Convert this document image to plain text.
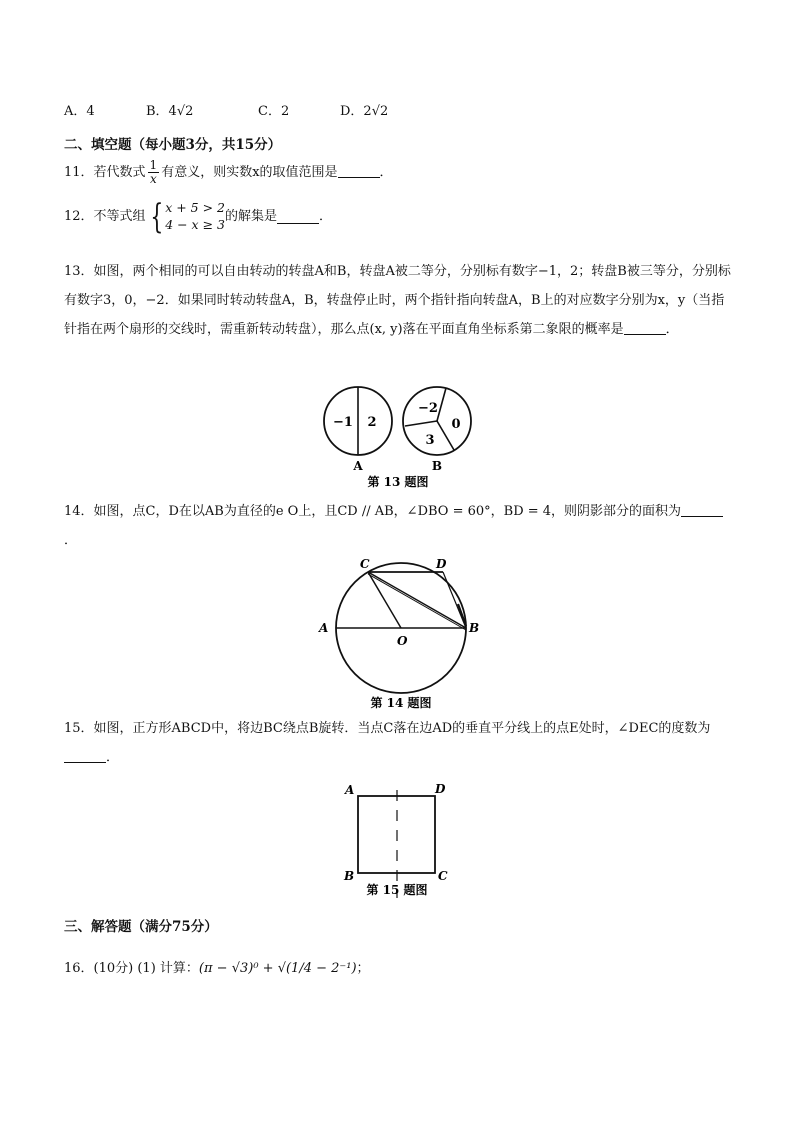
A．4	B．4√2	C．2	D．2√2
二、填空题（每小题3分，共15分）
11．若代数式 $\frac{1}{x}$ 有意义，则实数x的取值范围是	．
12．不等式组 { x + 5 > 2
4 − x ≥ 3
的解集是	．
13．如图，两个相同的可以自由转动的转盘A和B，转盘A被二等分，分别标有数字−1，2；转盘B被三等分，分别标有数字3，0，−2．如果同时转动转盘A，B，转盘停止时，两个指针指向转盘A，B上的对应数字分别为x，y（当指针指在两个扇形的交线时，需重新转动转盘），那么点(x, y)落在平面直角坐标系第二象限的概率是	．
−1 2
−2
0
3
A	B
第 13 题图
14．如图，点C，D在以AB为直径的e O上，且CD // AB，∠DBO = 60°，BD = 4，则阴影部分的面积为．
C	D
A	B
O
第 14 题图
15．如图，正方形ABCD中，将边BC绕点B旋转．当点C落在边AD的垂直平分线上的点E处时，∠DEC的度数为．
A	D
B	C
第 15 题图
三、解答题（满分75分）
16．(10分) (1) 计算：(π − √3)⁰ + √(1/4 − 2⁻¹)；
